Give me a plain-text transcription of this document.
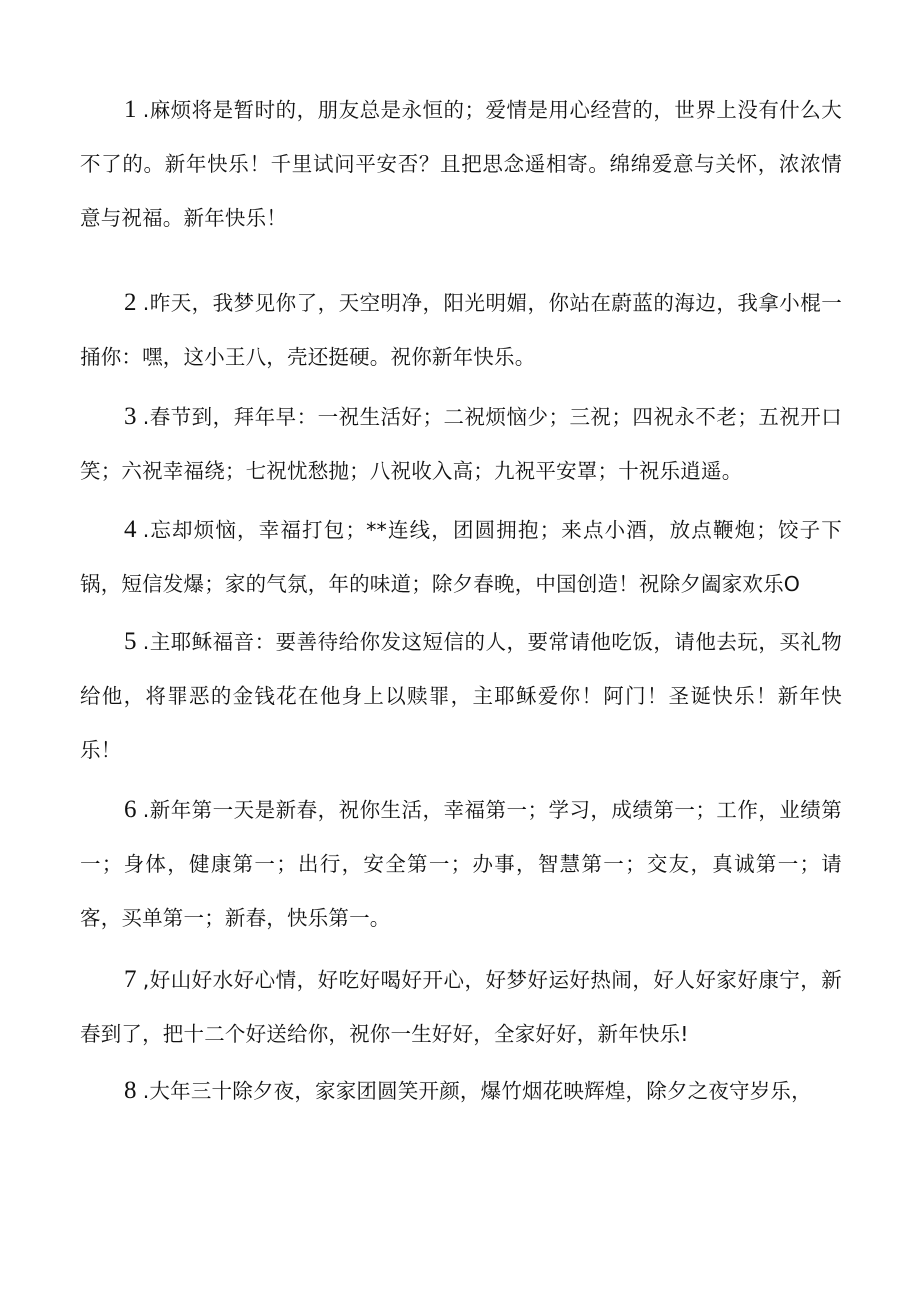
1 .麻烦将是暂时的，朋友总是永恒的；爱情是用心经营的，世界上没有什么大不了的。新年快乐！千里试问平安否？且把思念遥相寄。绵绵爱意与关怀，浓浓情意与祝福。新年快乐！

2 .昨天，我梦见你了，天空明净，阳光明媚，你站在蔚蓝的海边，我拿小棍一捅你：嘿，这小王八，壳还挺硬。祝你新年快乐。

3 .春节到，拜年早：一祝生活好；二祝烦恼少；三祝；四祝永不老；五祝开口笑；六祝幸福绕；七祝忧愁抛；八祝收入高；九祝平安罩；十祝乐逍遥。

4 .忘却烦恼，幸福打包；**连线，团圆拥抱；来点小酒，放点鞭炮；饺子下锅，短信发爆；家的气氛，年的味道；除夕春晚，中国创造！祝除夕阖家欢乐O

5 .主耶稣福音：要善待给你发这短信的人，要常请他吃饭，请他去玩，买礼物给他，将罪恶的金钱花在他身上以赎罪，主耶稣爱你！阿门！圣诞快乐！新年快乐！

6 .新年第一天是新春，祝你生活，幸福第一；学习，成绩第一；工作，业绩第一；身体，健康第一；出行，安全第一；办事，智慧第一；交友，真诚第一；请客，买单第一；新春，快乐第一。

7 ,好山好水好心情，好吃好喝好开心，好梦好运好热闹，好人好家好康宁，新春到了，把十二个好送给你，祝你一生好好，全家好好，新年快乐!

8 .大年三十除夕夜，家家团圆笑开颜，爆竹烟花映辉煌，除夕之夜守岁乐，
